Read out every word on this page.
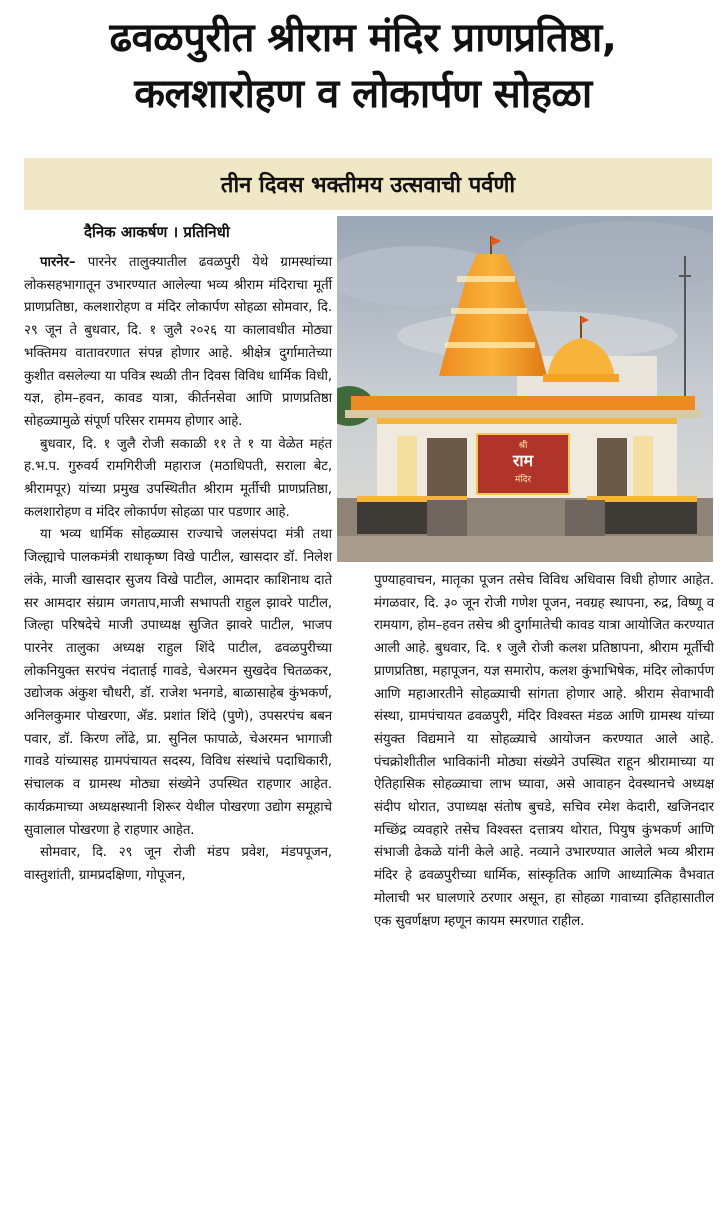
ढवळपुरीत श्रीराम मंदिर प्राणप्रतिष्ठा,
कलशारोहण व लोकार्पण सोहळा
तीन दिवस भक्तीमय उत्सवाची पर्वणी
दैनिक आकर्षण । प्रतिनिधी
श्री
राम
मंदिर

पारनेर– पारनेर तालुक्यातील ढवळपुरी येथे ग्रामस्थांच्या लोकसहभागातून उभारण्यात आलेल्या भव्य श्रीराम मंदिराचा मूर्ती प्राणप्रतिष्ठा, कलशारोहण व मंदिर लोकार्पण सोहळा सोमवार, दि. २९ जून ते बुधवार, दि. १ जुलै २०२६ या कालावधीत मोठ्या भक्तिमय वातावरणात संपन्न होणार आहे. श्रीक्षेत्र दुर्गामातेच्या कुशीत वसलेल्या या पवित्र स्थळी तीन दिवस विविध धार्मिक विधी, यज्ञ, होम–हवन, कावड यात्रा, कीर्तनसेवा आणि प्राणप्रतिष्ठा सोहळ्यामुळे संपूर्ण परिसर राममय होणार आहे.

बुधवार, दि. १ जुलै रोजी सकाळी ११ ते १ या वेळेत महंत ह.भ.प. गुरुवर्य रामगिरीजी महाराज (मठाधिपती, सराला बेट, श्रीरामपूर) यांच्या प्रमुख उपस्थितीत श्रीराम मूर्तीची प्राणप्रतिष्ठा, कलशारोहण व मंदिर लोकार्पण सोहळा पार पडणार आहे.

या भव्य धार्मिक सोहळ्यास राज्याचे जलसंपदा मंत्री तथा जिल्ह्याचे पालकमंत्री राधाकृष्ण विखे पाटील, खासदार डॉ. निलेश लंके, माजी खासदार सुजय विखे पाटील, आमदार काशिनाथ दाते सर आमदार संग्राम जगताप,माजी सभापती राहुल झावरे पाटील, जिल्हा परिषदेचे माजी उपाध्यक्ष सुजित झावरे पाटील, भाजप पारनेर तालुका अध्यक्ष राहुल शिंदे पाटील, ढवळपुरीच्या लोकनियुक्त सरपंच नंदाताई गावडे, चेअरमन सुखदेव चितळकर, उद्योजक अंकुश चौधरी, डॉ. राजेश भनगडे, बाळासाहेब कुंभकर्ण, अनिलकुमार पोखरणा, ॲड. प्रशांत शिंदे (पुणे), उपसरपंच बबन पवार, डॉ. किरण लोंढे, प्रा. सुनिल फापाळे, चेअरमन भागाजी गावडे यांच्यासह ग्रामपंचायत सदस्य, विविध संस्थांचे पदाधिकारी, संचालक व ग्रामस्थ मोठ्या संख्येने उपस्थित राहणार आहेत. कार्यक्रमाच्या अध्यक्षस्थानी शिरूर येथील पोखरणा उद्योग समूहाचे सुवालाल पोखरणा हे राहणार आहेत.

सोमवार, दि. २९ जून रोजी मंडप प्रवेश, मंडपपूजन, वास्तुशांती, ग्रामप्रदक्षिणा, गोपूजन,

पुण्याहवाचन, मातृका पूजन तसेच विविध अधिवास विधी होणार आहेत. मंगळवार, दि. ३० जून रोजी गणेश पूजन, नवग्रह स्थापना, रुद्र, विष्णू व रामयाग, होम–हवन तसेच श्री दुर्गामातेची कावड यात्रा आयोजित करण्यात आली आहे. बुधवार, दि. १ जुलै रोजी कलश प्रतिष्ठापना, श्रीराम मूर्तीची प्राणप्रतिष्ठा, महापूजन, यज्ञ समारोप, कलश कुंभाभिषेक, मंदिर लोकार्पण आणि महाआरतीने सोहळ्याची सांगता होणार आहे. श्रीराम सेवाभावी संस्था, ग्रामपंचायत ढवळपुरी, मंदिर विश्वस्त मंडळ आणि ग्रामस्थ यांच्या संयुक्त विद्यमाने या सोहळ्याचे आयोजन करण्यात आले आहे. पंचक्रोशीतील भाविकांनी मोठ्या संख्येने उपस्थित राहून श्रीरामाच्या या ऐतिहासिक सोहळ्याचा लाभ घ्यावा, असे आवाहन देवस्थानचे अध्यक्ष संदीप थोरात, उपाध्यक्ष संतोष बुचडे, सचिव रमेश केदारी, खजिनदार मच्छिंद्र व्यवहारे तसेच विश्वस्त दत्तात्रय थोरात, पियुष कुंभकर्ण आणि संभाजी ढेकळे यांनी केले आहे. नव्याने उभारण्यात आलेले भव्य श्रीराम मंदिर हे ढवळपुरीच्या धार्मिक, सांस्कृतिक आणि आध्यात्मिक वैभवात मोलाची भर घालणारे ठरणार असून, हा सोहळा गावाच्या इतिहासातील एक सुवर्णक्षण म्हणून कायम स्मरणात राहील.
